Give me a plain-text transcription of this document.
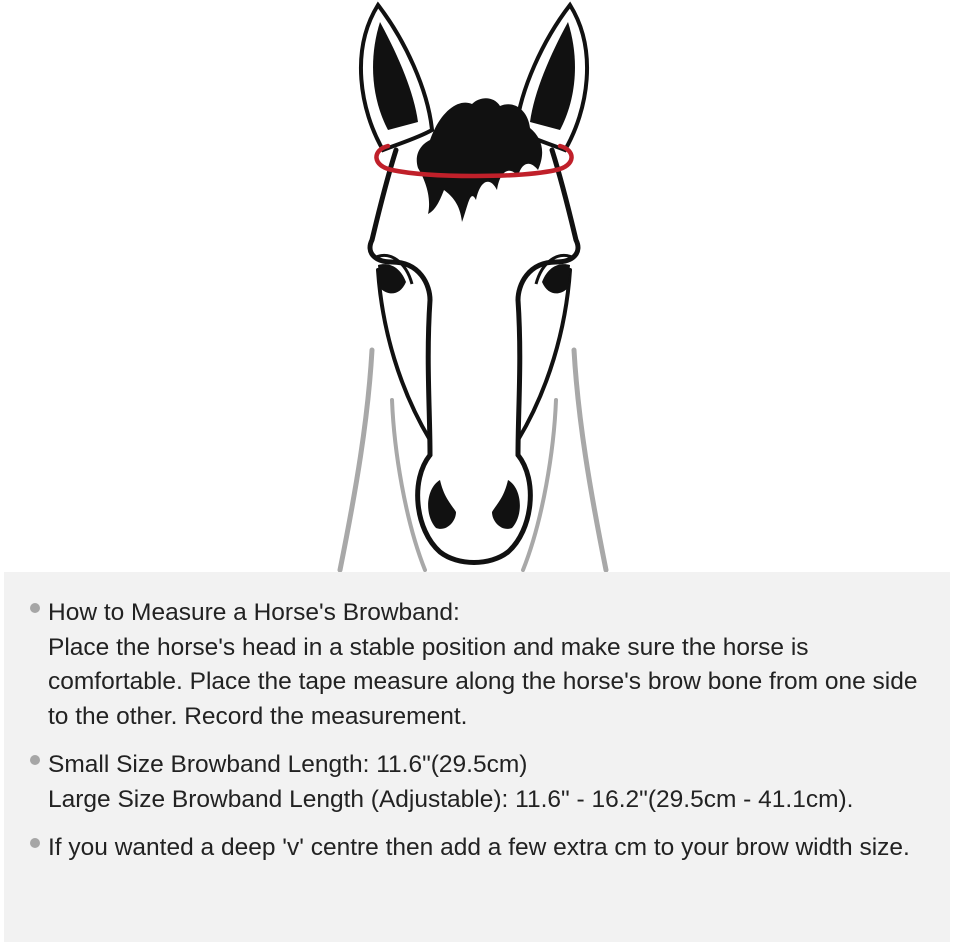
How to Measure a Horse's Browband:
Place the horse's head in a stable position and make sure the horse is comfortable. Place the tape measure along the horse's brow bone from one side to the other. Record the measurement.
Small Size Browband Length: 11.6"(29.5cm)
Large Size Browband Length (Adjustable): 11.6" - 16.2"(29.5cm - 41.1cm).
If you wanted a deep 'v' centre then add a few extra cm to your brow width size.
